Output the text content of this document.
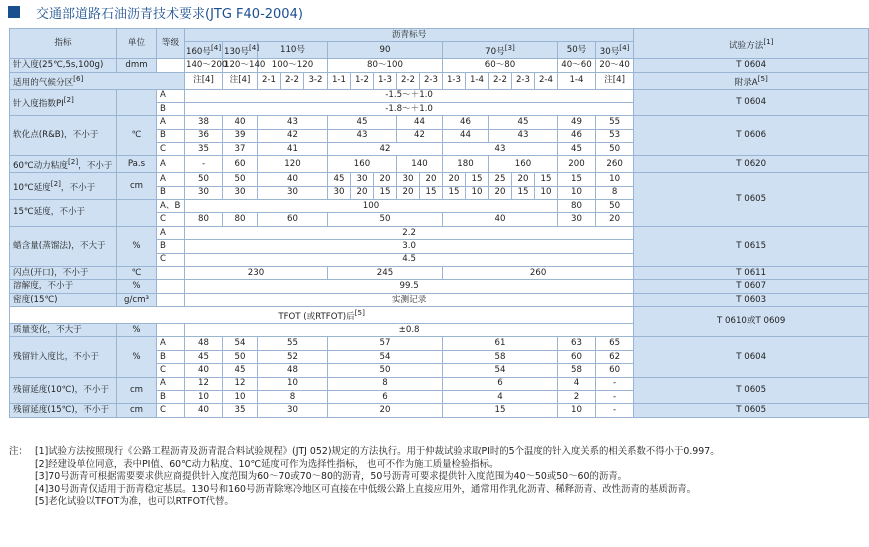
交通部道路石油沥青技术要求(JTG F40-2004)
指标	单位	等级	沥青标号																	试验方法[1]
			160号[4]	130号[4]	110号			90					70号[3]					50号	30号[4]
针入度(25℃,5s,100g)	dmm		140～200	120～140	100～120			80～100					60～80					40～60	20～40	T 0604
适用的气候分区[6]			注[4]	注[4]	2-1	2-2	3-2	1-1	1-2	1-3	2-2	2-3	1-3	1-4	2-2	2-3	2-4	1-4	注[4]	附录A[5]
针入度指数PI[2]		A	-1.5～＋1.0																	T 0604
		B	-1.8～＋1.0																	
软化点(R&B)，不小于	℃	A	38	40	43			45			44		46		45			49	55	T 0606
		B	36	39	42			43			42		44		43			46	53	
		C	35	37	41			42					43					45	50	
60℃动力粘度[2]，不小于	Pa.s	A	-	60	120			160			140		180		160			200	260	T 0620
10℃延度[2]，不小于	cm	A	50	50	40			45	30	20	30	20	20	15	25	20	15	15	10	T 0605
		B	30	30	30			30	20	15	20	15	15	10	20	15	10	10	8	
15℃延度，不小于		A、B	100															80	50	
		C	80	80	60			50					40					30	20	
蜡含量(蒸馏法)，不大于	%	A	2.2																	T 0615
		B	3.0																	
		C	4.5																	
闪点(开口)，不小于	℃		230					245					260							T 0611
溶解度，不小于	%		99.5																	T 0607
密度(15℃)	g/cm³		实测记录																	T 0603
TFOT (或RTFOT)后[5]																				T 0610或T 0609
质量变化，不大于	%		±0.8																	
残留针入度比，不小于	%	A	48	54	55			57					61					63	65	T 0604
		B	45	50	52			54					58					60	62	
		C	40	45	48			50					54					58	60	
残留延度(10℃)，不小于	cm	A	12	12	10			8					6					4	-	T 0605
		B	10	10	8			6					4					2	-	
残留延度(15℃)，不小于	cm	C	40	35	30			20					15					10	-	T 0605
注： [1]试验方法按照现行《公路工程沥青及沥青混合料试验规程》(JTJ 052)规定的方法执行。用于仲裁试验求取PI时的5个温度的针入度关系的相关系数不得小于0.997。
[2]经建设单位同意，表中PI值、60℃动力粘度、10℃延度可作为选择性指标， 也可不作为施工质量检验指标。
[3]70号沥青可根据需要要求供应商提供针入度范围为60～70或70～80的沥青，50号沥青可要求提供针入度范围为40～50或50～60的沥青。
[4]30号沥青仅适用于沥青稳定基层。130号和160号沥青除寒冷地区可直接在中低级公路上直接应用外，通常用作乳化沥青、稀释沥青、改性沥青的基质沥青。
[5]老化试验以TFOT为准，也可以RTFOT代替。
